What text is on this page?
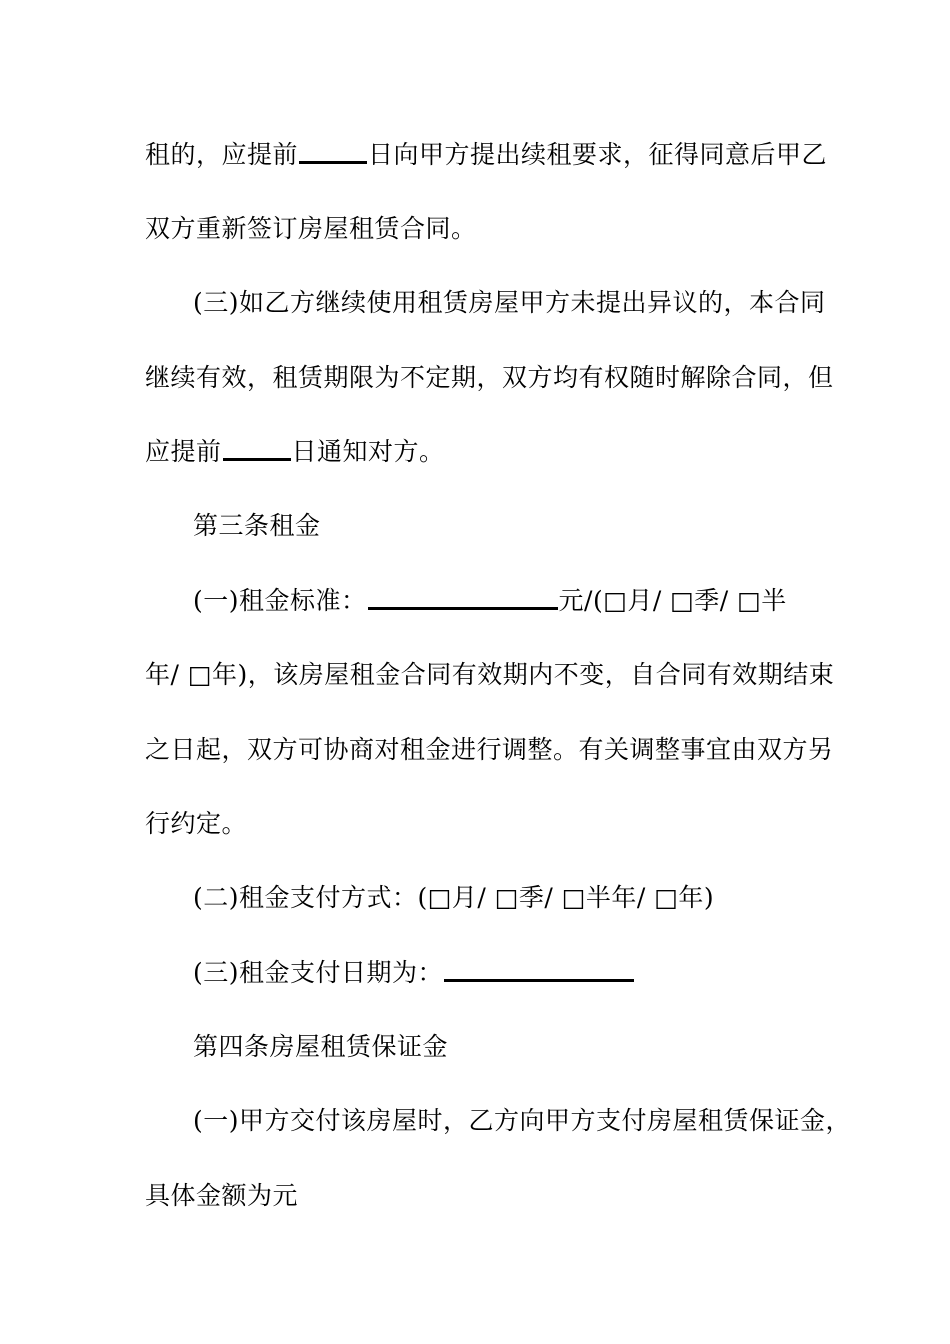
租的，应提前	日向甲方提出续租要求，征得同意后甲乙
双方重新签订房屋租赁合同。
(三)如乙方继续使用租赁房屋甲方未提出异议的，本合同
继续有效，租赁期限为不定期，双方均有权随时解除合同，但
应提前	日通知对方。
第三条租金
(一)租金标准：	元/(□月/ □季/ □半
年/ □年)，该房屋租金合同有效期内不变，自合同有效期结束
之日起，双方可协商对租金进行调整。有关调整事宜由双方另
行约定。
(二)租金支付方式：(□月/ □季/ □半年/ □年)
(三)租金支付日期为：
第四条房屋租赁保证金
(一)甲方交付该房屋时，乙方向甲方支付房屋租赁保证金，
具体金额为元
